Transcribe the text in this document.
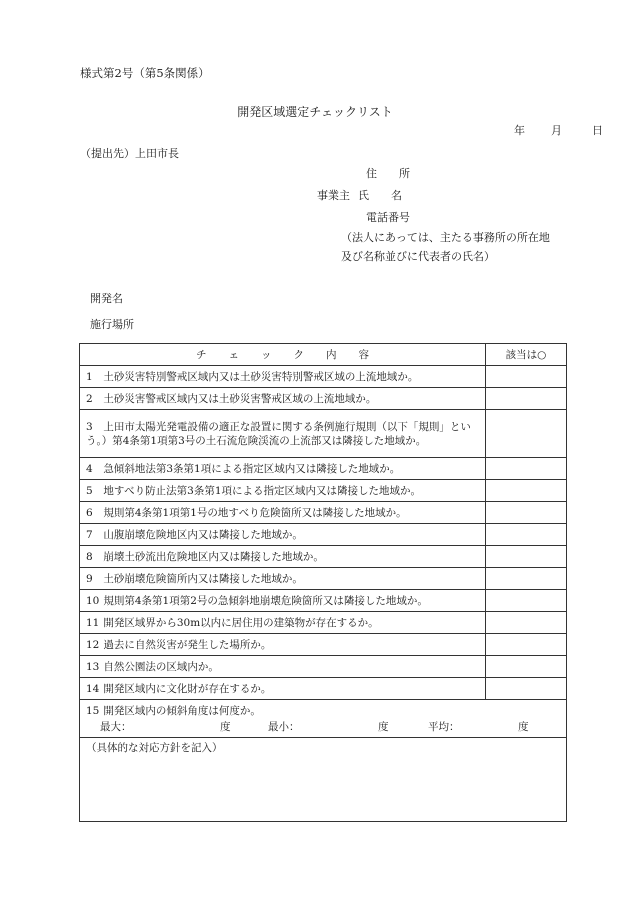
様式第2号（第5条関係）
開発区域選定チェックリスト
年 月	日
（提出先）上田市長
住　　所
事業主 氏　　名
電話番号
（法人にあっては、主たる事務所の所在地
及び名称並びに代表者の氏名）
開発名
施行場所
チ ェ ッ ク 内 容	該当は○
1 土砂災害特別警戒区域内又は土砂災害特別警戒区域の上流地域か。	
2 土砂災害警戒区域内又は土砂災害警戒区域の上流地域か。	
3 上田市太陽光発電設備の適正な設置に関する条例施行規則（以下「規則」という。）第4条第1項第3号の土石流危険渓流の上流部又は隣接した地域か。	
4 急傾斜地法第3条第1項による指定区域内又は隣接した地域か。	
5 地すべり防止法第3条第1項による指定区域内又は隣接した地域か。	
6 規則第4条第1項第1号の地すべり危険箇所又は隣接した地域か。	
7 山腹崩壊危険地区内又は隣接した地域か。	
8 崩壊土砂流出危険地区内又は隣接した地域か。	
9 土砂崩壊危険箇所内又は隣接した地域か。	
10 規則第4条第1項第2号の急傾斜地崩壊危険箇所又は隣接した地域か。	
11 開発区域界から30m以内に居住用の建築物が存在するか。	
12 過去に自然災害が発生した場所か。	
13 自然公園法の区域内か。	
14 開発区域内に文化財が存在するか。	

15 開発区域内の傾斜角度は何度か。
最大： 度 最小： 度 平均： 度	

（具体的な対応方針を記入）	
